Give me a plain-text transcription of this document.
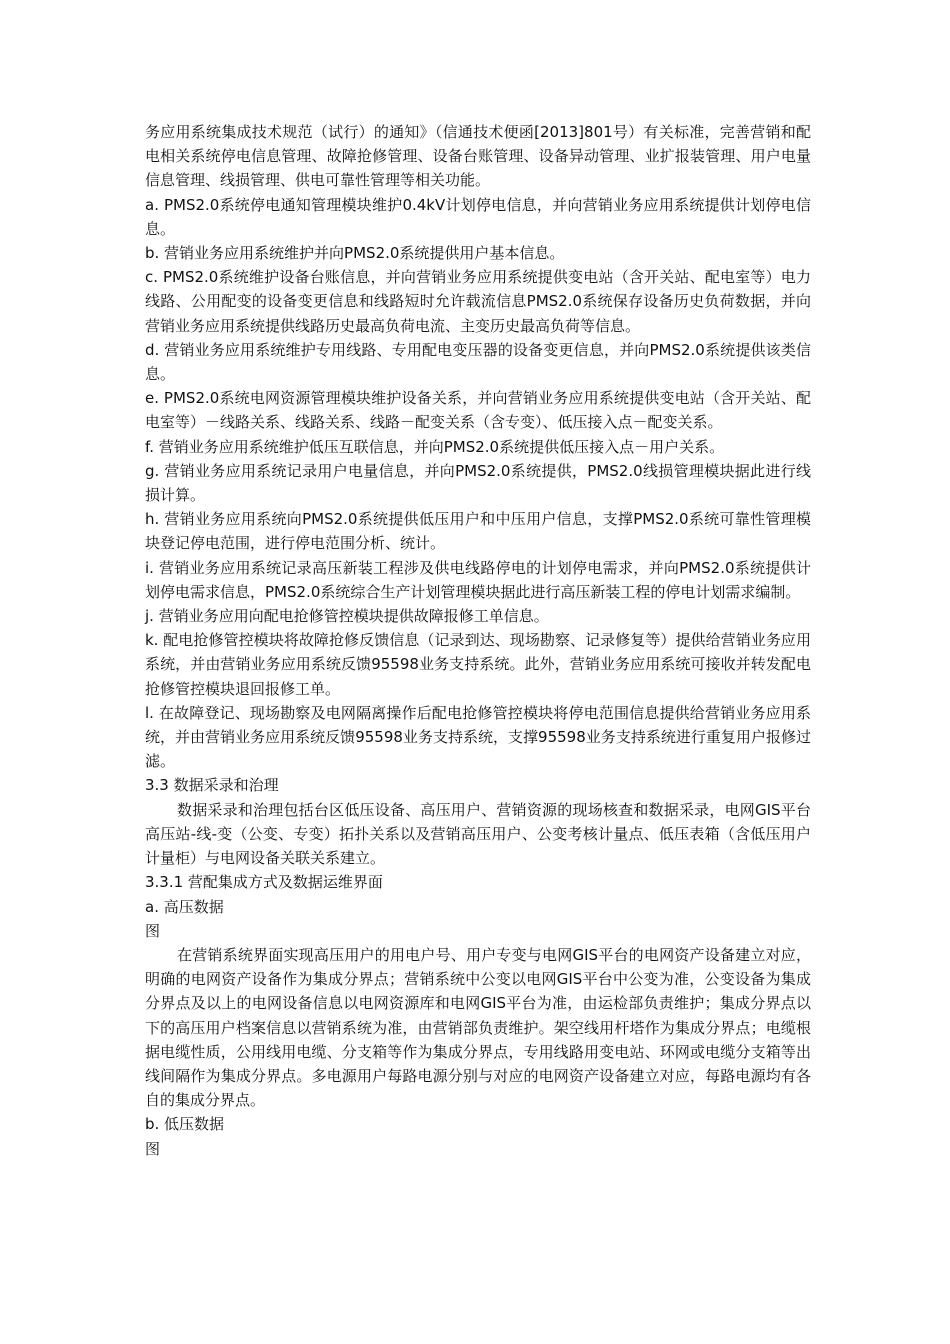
务应用系统集成技术规范（试行）的通知》（信通技术便函[2013]801号）有关标准，完善营销和配电相关系统停电信息管理、故障抢修管理、设备台账管理、设备异动管理、业扩报装管理、用户电量信息管理、线损管理、供电可靠性管理等相关功能。

a. PMS2.0系统停电通知管理模块维护0.4kV计划停电信息，并向营销业务应用系统提供计划停电信息。

b. 营销业务应用系统维护并向PMS2.0系统提供用户基本信息。

c. PMS2.0系统维护设备台账信息，并向营销业务应用系统提供变电站（含开关站、配电室等）电力线路、公用配变的设备变更信息和线路短时允许载流信息PMS2.0系统保存设备历史负荷数据，并向营销业务应用系统提供线路历史最高负荷电流、主变历史最高负荷等信息。

d. 营销业务应用系统维护专用线路、专用配电变压器的设备变更信息，并向PMS2.0系统提供该类信息。

e. PMS2.0系统电网资源管理模块维护设备关系，并向营销业务应用系统提供变电站（含开关站、配电室等）－线路关系、线路关系、线路－配变关系（含专变）、低压接入点－配变关系。

f. 营销业务应用系统维护低压互联信息，并向PMS2.0系统提供低压接入点－用户关系。

g. 营销业务应用系统记录用户电量信息，并向PMS2.0系统提供，PMS2.0线损管理模块据此进行线损计算。

h. 营销业务应用系统向PMS2.0系统提供低压用户和中压用户信息，支撑PMS2.0系统可靠性管理模块登记停电范围，进行停电范围分析、统计。

i. 营销业务应用系统记录高压新装工程涉及供电线路停电的计划停电需求，并向PMS2.0系统提供计划停电需求信息，PMS2.0系统综合生产计划管理模块据此进行高压新装工程的停电计划需求编制。

j. 营销业务应用向配电抢修管控模块提供故障报修工单信息。

k. 配电抢修管控模块将故障抢修反馈信息（记录到达、现场勘察、记录修复等）提供给营销业务应用系统，并由营销业务应用系统反馈95598业务支持系统。此外，营销业务应用系统可接收并转发配电抢修管控模块退回报修工单。

l. 在故障登记、现场勘察及电网隔离操作后配电抢修管控模块将停电范围信息提供给营销业务应用系统，并由营销业务应用系统反馈95598业务支持系统，支撑95598业务支持系统进行重复用户报修过滤。

3.3 数据采录和治理

数据采录和治理包括台区低压设备、高压用户、营销资源的现场核查和数据采录，电网GIS平台高压站-线-变（公变、专变）拓扑关系以及营销高压用户、公变考核计量点、低压表箱（含低压用户计量柜）与电网设备关联关系建立。

3.3.1 营配集成方式及数据运维界面

a. 高压数据

图

在营销系统界面实现高压用户的用电户号、用户专变与电网GIS平台的电网资产设备建立对应，明确的电网资产设备作为集成分界点；营销系统中公变以电网GIS平台中公变为准，公变设备为集成分界点及以上的电网设备信息以电网资源库和电网GIS平台为准，由运检部负责维护；集成分界点以下的高压用户档案信息以营销系统为准，由营销部负责维护。架空线用杆塔作为集成分界点；电缆根据电缆性质，公用线用电缆、分支箱等作为集成分界点，专用线路用变电站、环网或电缆分支箱等出线间隔作为集成分界点。多电源用户每路电源分别与对应的电网资产设备建立对应，每路电源均有各自的集成分界点。

b. 低压数据

图
